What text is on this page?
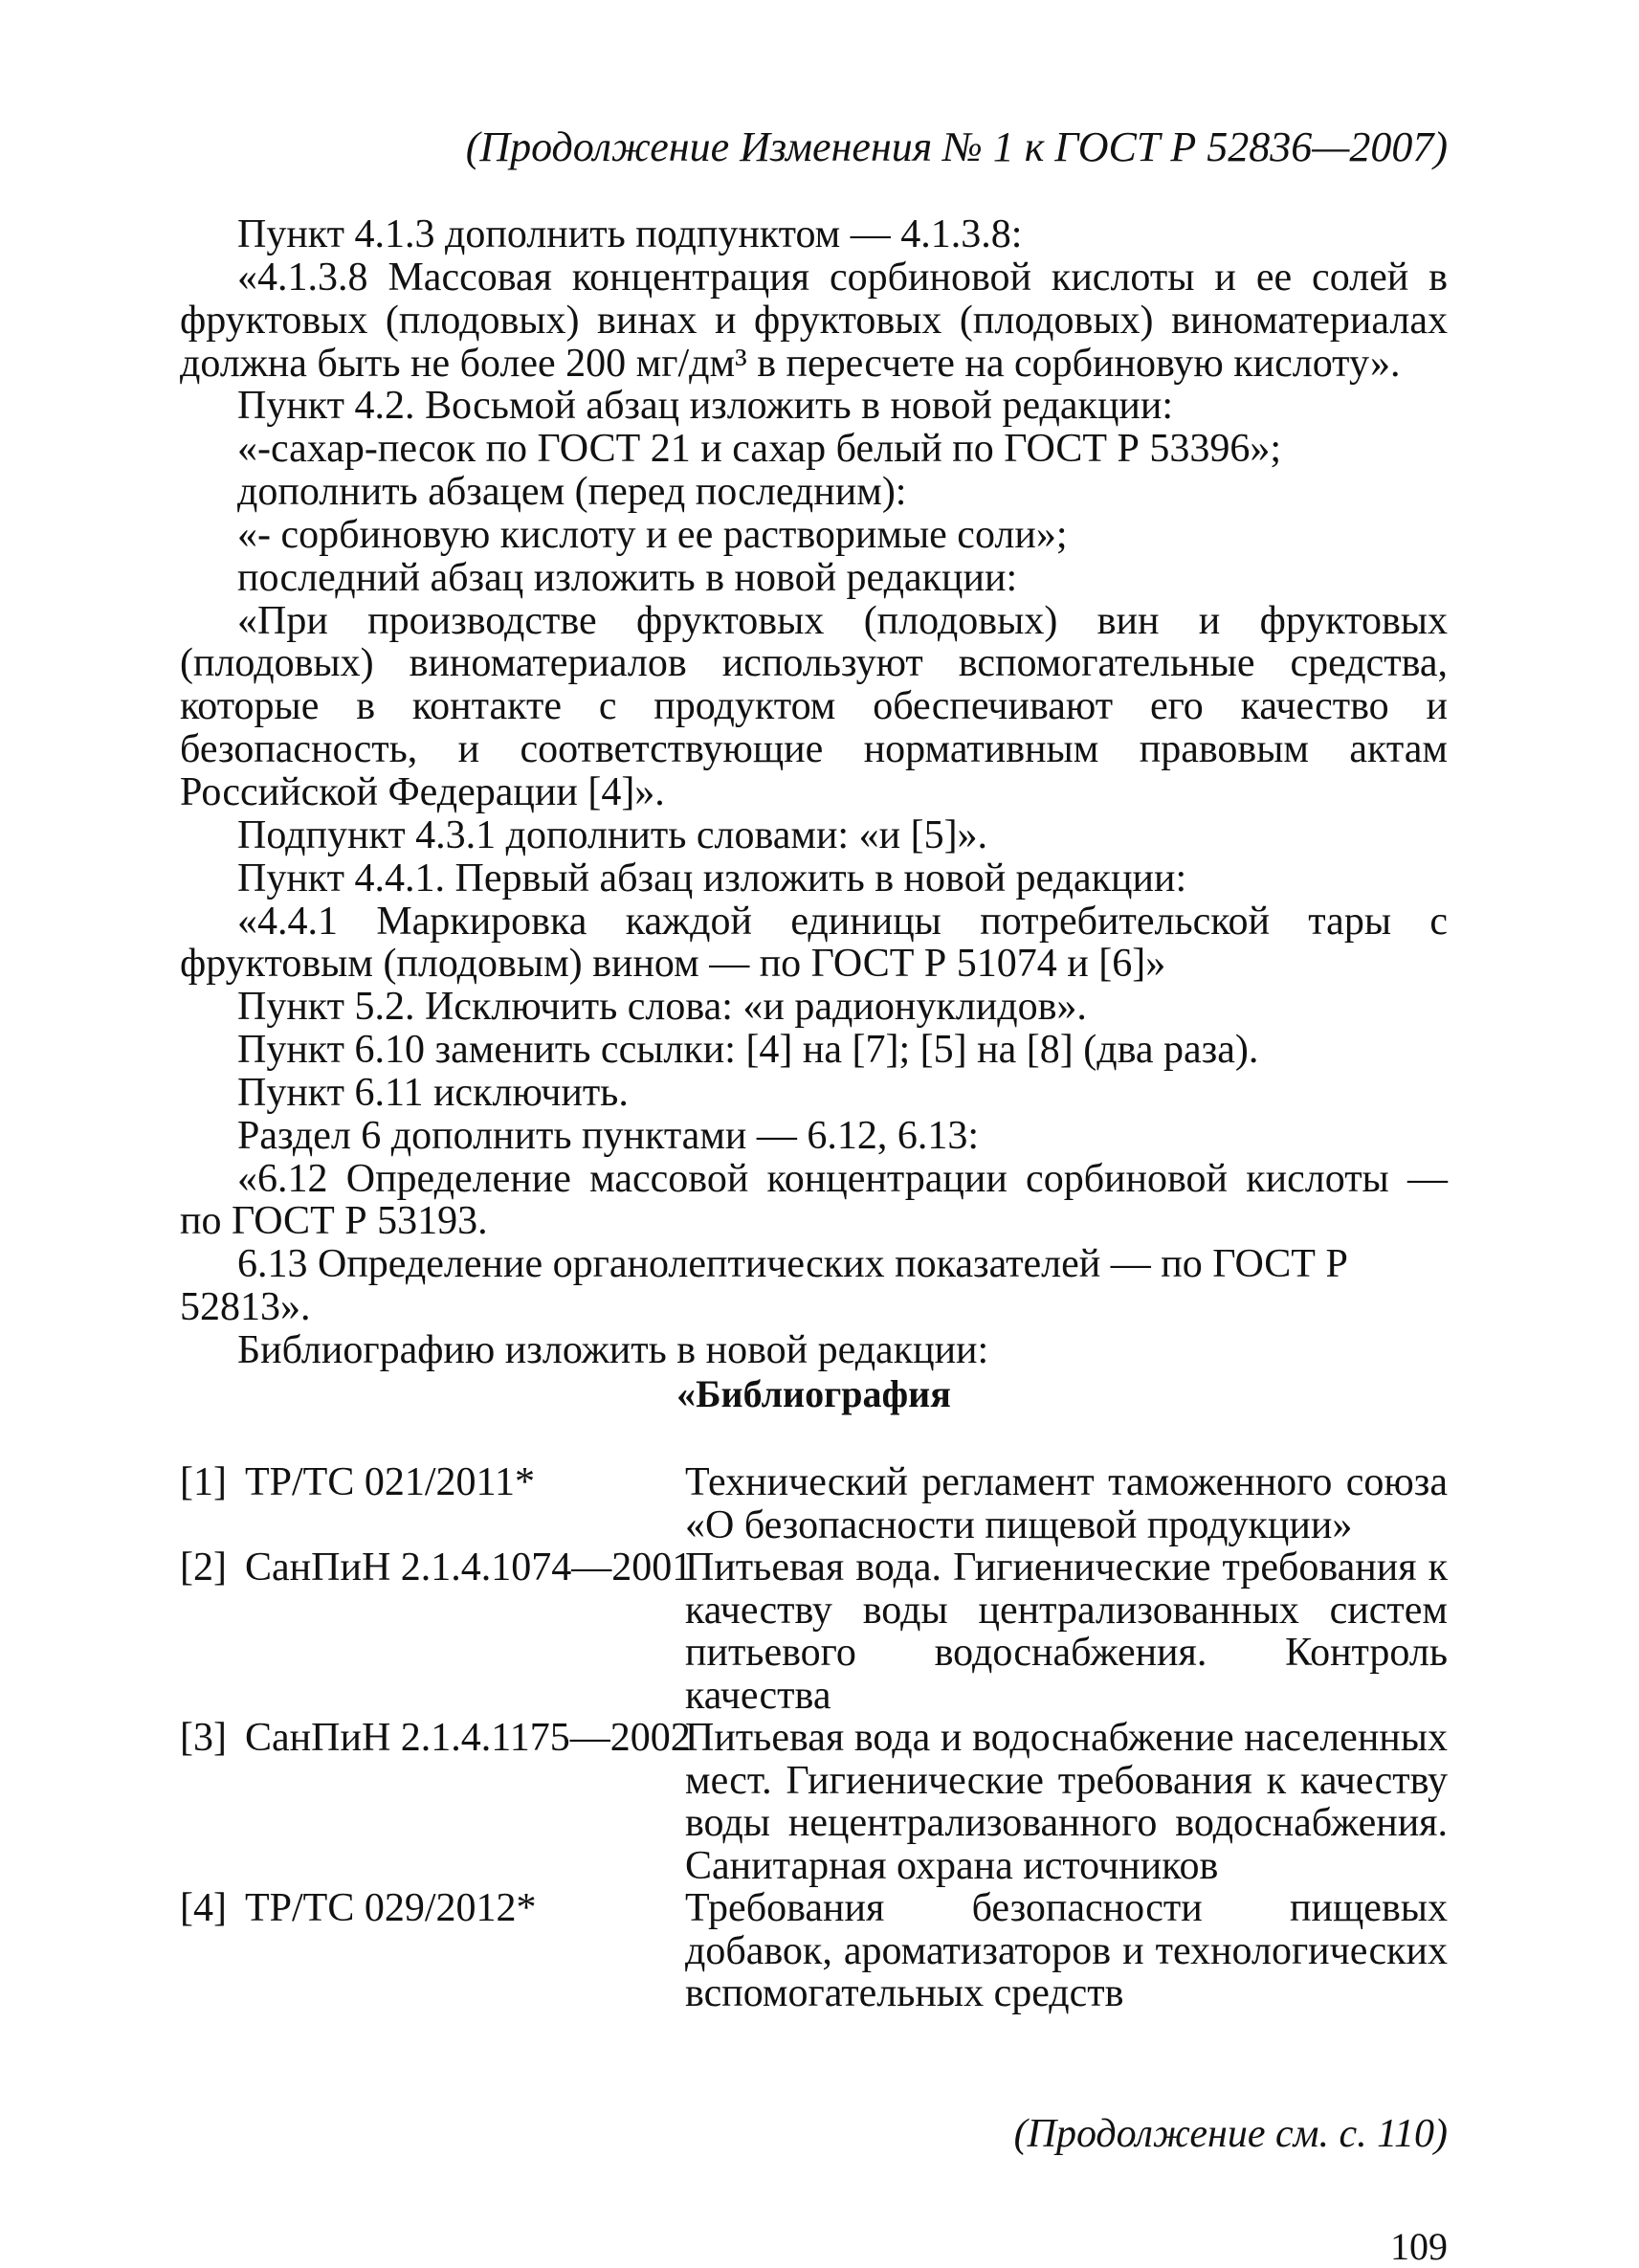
(Продолжение Изменения № 1 к ГОСТ Р 52836—2007)

Пункт 4.1.3 дополнить подпунктом — 4.1.3.8:

«4.1.3.8 Массовая концентрация сорбиновой кислоты и ее солей в фруктовых (плодовых) винах и фруктовых (плодовых) виноматериалах должна быть не более 200 мг/дм³ в пересчете на сорбиновую кислоту».

Пункт 4.2. Восьмой абзац изложить в новой редакции:

«-сахар-песок по ГОСТ 21 и сахар белый по ГОСТ Р 53396»;

дополнить абзацем (перед последним):

«- сорбиновую кислоту и ее растворимые соли»;

последний абзац изложить в новой редакции:

«При производстве фруктовых (плодовых) вин и фруктовых (плодовых) виноматериалов используют вспомогательные средства, которые в контакте с продуктом обеспечивают его качество и безопасность, и соответствующие нормативным правовым актам Российской Федерации [4]».

Подпункт 4.3.1 дополнить словами: «и [5]».

Пункт 4.4.1. Первый абзац изложить в новой редакции:

«4.4.1 Маркировка каждой единицы потребительской тары с фруктовым (плодовым) вином — по ГОСТ Р 51074 и [6]»

Пункт 5.2. Исключить слова: «и радионуклидов».

Пункт 6.10 заменить ссылки: [4] на [7]; [5] на [8] (два раза).

Пункт 6.11 исключить.

Раздел 6 дополнить пунктами — 6.12, 6.13:

«6.12 Определение массовой концентрации сорбиновой кислоты — по ГОСТ Р 53193.

6.13 Определение органолептических показателей — по ГОСТ Р 52813».

Библиографию изложить в новой редакции:

«Библиография
[1] ТР/ТС 021/2011*	Технический регламент таможенного союза «О безопасности пищевой продукции»
[2] СанПиН 2.1.4.1074—2001
Питьевая вода. Гигиенические требования к качеству воды централизованных систем питьевого водоснабжения. Контроль качества
[3] СанПиН 2.1.4.1175—2002
Питьевая вода и водоснабжение населенных мест. Гигиенические требования к качеству воды нецентрализованного водоснабжения. Санитарная охрана источников
[4] ТР/ТС 029/2012*	Требования безопасности пищевых добавок, ароматизаторов и технологических вспомогательных средств
(Продолжение см. с. 110)
109
